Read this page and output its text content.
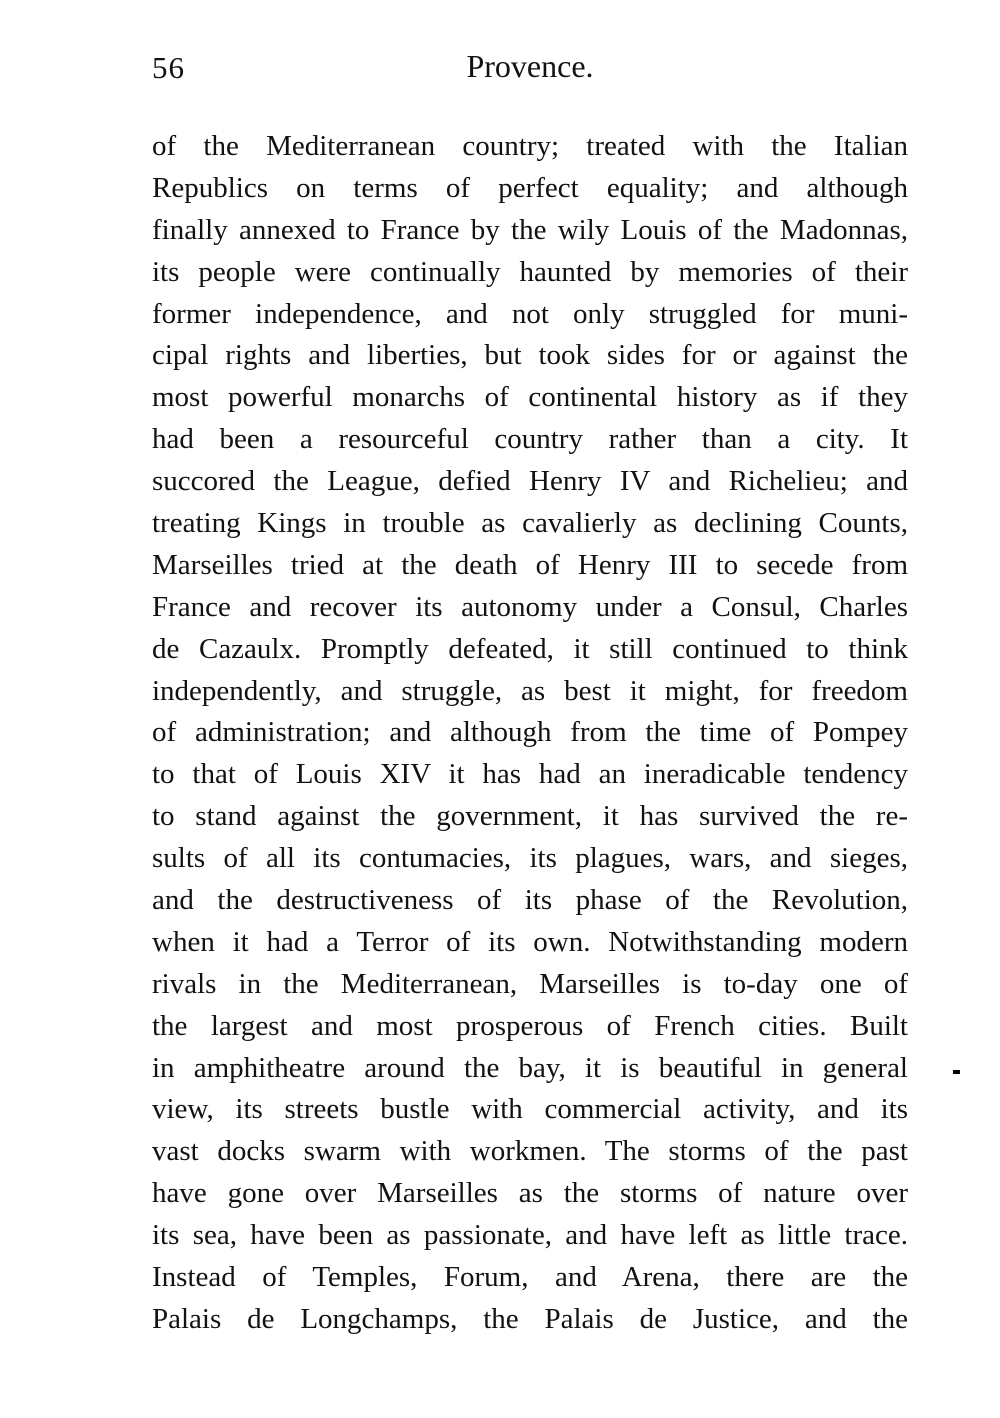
56	Provence.
of the Mediterranean country; treated with the Italian
Republics on terms of perfect equality; and although
finally annexed to France by the wily Louis of the Madonnas,
its people were continually haunted by memories of their
former independence, and not only struggled for muni-
cipal rights and liberties, but took sides for or against the
most powerful monarchs of continental history as if they
had been a resourceful country rather than a city. It
succored the League, defied Henry IV and Richelieu; and
treating Kings in trouble as cavalierly as declining Counts,
Marseilles tried at the death of Henry III to secede from
France and recover its autonomy under a Consul, Charles
de Cazaulx. Promptly defeated, it still continued to think
independently, and struggle, as best it might, for freedom
of administration; and although from the time of Pompey
to that of Louis XIV it has had an ineradicable tendency
to stand against the government, it has survived the re-
sults of all its contumacies, its plagues, wars, and sieges,
and the destructiveness of its phase of the Revolution,
when it had a Terror of its own. Notwithstanding modern
rivals in the Mediterranean, Marseilles is to-day one of
the largest and most prosperous of French cities. Built
in amphitheatre around the bay, it is beautiful in general
view, its streets bustle with commercial activity, and its
vast docks swarm with workmen. The storms of the past
have gone over Marseilles as the storms of nature over
its sea, have been as passionate, and have left as little trace.
Instead of Temples, Forum, and Arena, there are the
Palais de Longchamps, the Palais de Justice, and the
